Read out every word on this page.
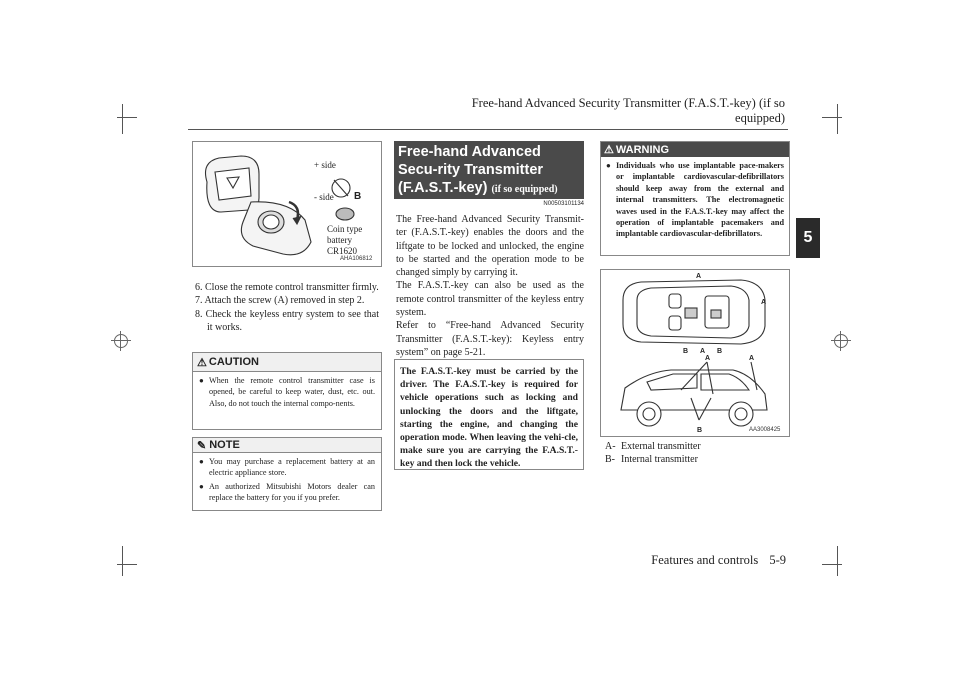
Free-hand Advanced Security Transmitter (F.A.S.T.-key) (if so equipped)
5
B
+ side
- side
Coin type
battery
CR1620
AHA106812

6. Close the remote control transmitter firmly.

7. Attach the screw (A) removed in step 2.

8. Check the keyless entry system to see that it works.

⚠ CAUTION
● When the remote control transmitter case is opened, be careful to keep water, dust, etc. out. Also, do not touch the internal compo-nents.
✎ NOTE
● You may purchase a replacement battery at an electric appliance store.
● An authorized Mitsubishi Motors dealer can replace the battery for you if you prefer.
Free-hand Advanced Secu-rity Transmitter (F.A.S.T.-key) (if so equipped)
N00503101134

The Free-hand Advanced Security Transmit-ter (F.A.S.T.-key) enables the doors and the liftgate to be locked and unlocked, the engine to be started and the operation mode to be changed simply by carrying it.

The F.A.S.T.-key can also be used as the remote control transmitter of the keyless entry system.

Refer to “Free-hand Advanced Security Transmitter (F.A.S.T.-key): Keyless entry system” on page 5-21.

The F.A.S.T.-key must be carried by the driver. The F.A.S.T.-key is required for vehicle operations such as locking and unlocking the doors and the liftgate, starting the engine, and changing the operation mode. When leaving the vehi-cle, make sure you are carrying the F.A.S.T.-key and then lock the vehicle.
⚠ WARNING
● Individuals who use implantable pace-makers or implantable cardiovascular-defibrillators should keep away from the external and internal transmitters. The electromagnetic waves used in the F.A.S.T.-key may affect the operation of implantable pacemakers and implantable cardiovascular-defibrillators.
A
A
B A B
A	A
B	AA3008425
A- External transmitter
B- Internal transmitter
Features and controls 5-9
